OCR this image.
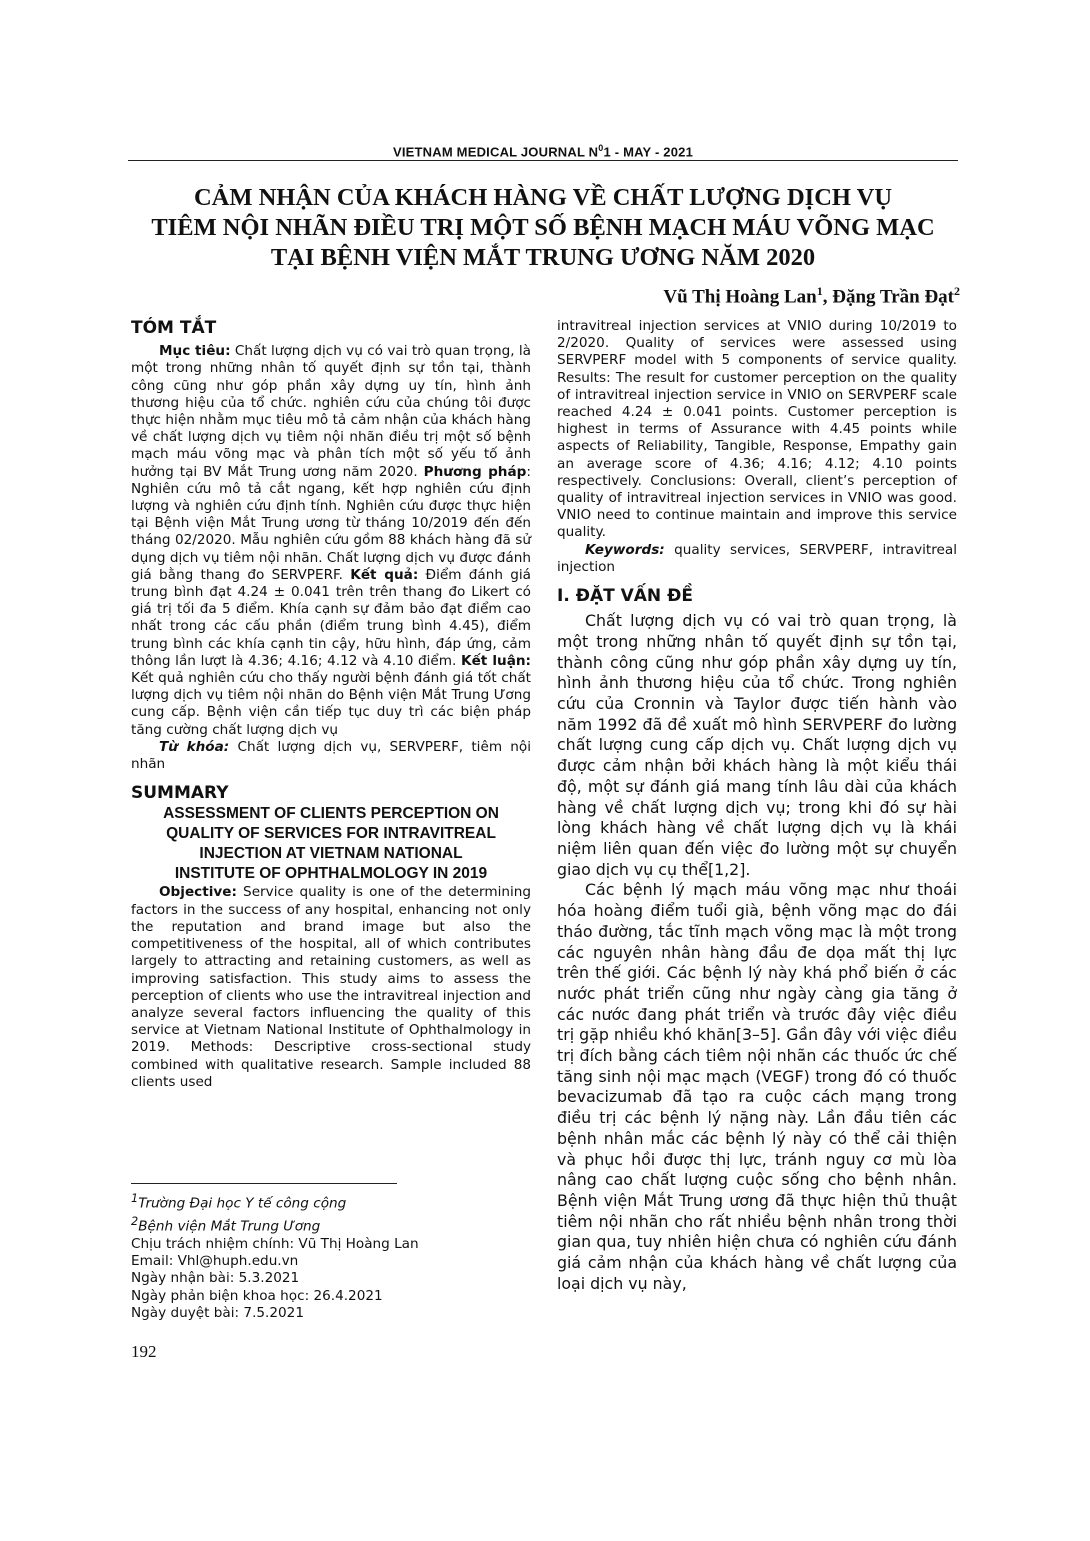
VIETNAM MEDICAL JOURNAL $N^01$ - MAY - 2021
CẢM NHẬN CỦA KHÁCH HÀNG VỀ CHẤT LƯỢNG DỊCH VỤ
TIÊM NỘI NHÃN ĐIỀU TRỊ MỘT SỐ BỆNH MẠCH MÁU VÕNG MẠC
TẠI BỆNH VIỆN MẮT TRUNG ƯƠNG NĂM 2020
Vũ Thị Hoàng Lan$^1$, Đặng Trần Đạt$^2$
TÓM TẮT

Mục tiêu: Chất lượng dịch vụ có vai trò quan trọng, là một trong những nhân tố quyết định sự tồn tại, thành công cũng như góp phần xây dựng uy tín, hình ảnh thương hiệu của tổ chức. nghiên cứu của chúng tôi được thực hiện nhằm mục tiêu mô tả cảm nhận của khách hàng về chất lượng dịch vụ tiêm nội nhãn điều trị một số bệnh mạch máu võng mạc và phân tích một số yếu tố ảnh hưởng tại BV Mắt Trung ương năm 2020. Phương pháp: Nghiên cứu mô tả cắt ngang, kết hợp nghiên cứu định lượng và nghiên cứu định tính. Nghiên cứu được thực hiện tại Bệnh viện Mắt Trung ương từ tháng 10/2019 đến đến tháng 02/2020. Mẫu nghiên cứu gồm 88 khách hàng đã sử dụng dịch vụ tiêm nội nhãn. Chất lượng dịch vụ được đánh giá bằng thang đo SERVPERF. Kết quả: Điểm đánh giá trung bình đạt 4.24 ± 0.041 trên trên thang đo Likert có giá trị tối đa 5 điểm. Khía cạnh sự đảm bảo đạt điểm cao nhất trong các cấu phần (điểm trung bình 4.45), điểm trung bình các khía cạnh tin cậy, hữu hình, đáp ứng, cảm thông lần lượt là 4.36; 4.16; 4.12 và 4.10 điểm. Kết luận: Kết quả nghiên cứu cho thấy người bệnh đánh giá tốt chất lượng dịch vụ tiêm nội nhãn do Bệnh viện Mắt Trung Ương cung cấp. Bệnh viện cần tiếp tục duy trì các biện pháp tăng cường chất lượng dịch vụ

Từ khóa: Chất lượng dịch vụ, SERVPERF, tiêm nội nhãn

SUMMARY
ASSESSMENT OF CLIENTS PERCEPTION ON
QUALITY OF SERVICES FOR INTRAVITREAL
INJECTION AT VIETNAM NATIONAL
INSTITUTE OF OPHTHALMOLOGY IN 2019

Objective: Service quality is one of the determining factors in the success of any hospital, enhancing not only the reputation and brand image but also the competitiveness of the hospital, all of which contributes largely to attracting and retaining customers, as well as improving satisfaction. This study aims to assess the perception of clients who use the intravitreal injection and analyze several factors influencing the quality of this service at Vietnam National Institute of Ophthalmology in 2019. Methods: Descriptive cross-sectional study combined with qualitative research. Sample included 88 clients used

intravitreal injection services at VNIO during 10/2019 to 2/2020. Quality of services were assessed using SERVPERF model with 5 components of service quality. Results: The result for customer perception on the quality of intravitreal injection service in VNIO on SERVPERF scale reached 4.24 ± 0.041 points. Customer perception is highest in terms of Assurance with 4.45 points while aspects of Reliability, Tangible, Response, Empathy gain an average score of 4.36; 4.16; 4.12; 4.10 points respectively. Conclusions: Overall, client’s perception of quality of intravitreal injection services in VNIO was good. VNIO need to continue maintain and improve this service quality.

Keywords: quality services, SERVPERF, intravitreal injection

I. ĐẶT VẤN ĐỀ

Chất lượng dịch vụ có vai trò quan trọng, là một trong những nhân tố quyết định sự tồn tại, thành công cũng như góp phần xây dựng uy tín, hình ảnh thương hiệu của tổ chức. Trong nghiên cứu của Cronnin và Taylor được tiến hành vào năm 1992 đã đề xuất mô hình SERVPERF đo lường chất lượng cung cấp dịch vụ. Chất lượng dịch vụ được cảm nhận bởi khách hàng là một kiểu thái độ, một sự đánh giá mang tính lâu dài của khách hàng về chất lượng dịch vụ; trong khi đó sự hài lòng khách hàng về chất lượng dịch vụ là khái niệm liên quan đến việc đo lường một sự chuyển giao dịch vụ cụ thể[1,2].

Các bệnh lý mạch máu võng mạc như thoái hóa hoàng điểm tuổi già, bệnh võng mạc do đái tháo đường, tắc tĩnh mạch võng mạc là một trong các nguyên nhân hàng đầu đe dọa mất thị lực trên thế giới. Các bệnh lý này khá phổ biến ở các nước phát triển cũng như ngày càng gia tăng ở các nước đang phát triển và trước đây việc điều trị gặp nhiều khó khăn[3–5]. Gần đây với việc điều trị đích bằng cách tiêm nội nhãn các thuốc ức chế tăng sinh nội mạc mạch (VEGF) trong đó có thuốc bevacizumab đã tạo ra cuộc cách mạng trong điều trị các bệnh lý nặng này. Lần đầu tiên các bệnh nhân mắc các bệnh lý này có thể cải thiện và phục hồi được thị lực, tránh nguy cơ mù lòa nâng cao chất lượng cuộc sống cho bệnh nhân. Bệnh viện Mắt Trung ương đã thực hiện thủ thuật tiêm nội nhãn cho rất nhiều bệnh nhân trong thời gian qua, tuy nhiên hiện chưa có nghiên cứu đánh giá cảm nhận của khách hàng về chất lượng của loại dịch vụ này,

$^1$Trường Đại học Y tế công cộng
$^2$Bệnh viện Mắt Trung Ương
Chịu trách nhiệm chính: Vũ Thị Hoàng Lan
Email: Vhl@huph.edu.vn
Ngày nhận bài: 5.3.2021
Ngày phản biện khoa học: 26.4.2021
Ngày duyệt bài: 7.5.2021
192
